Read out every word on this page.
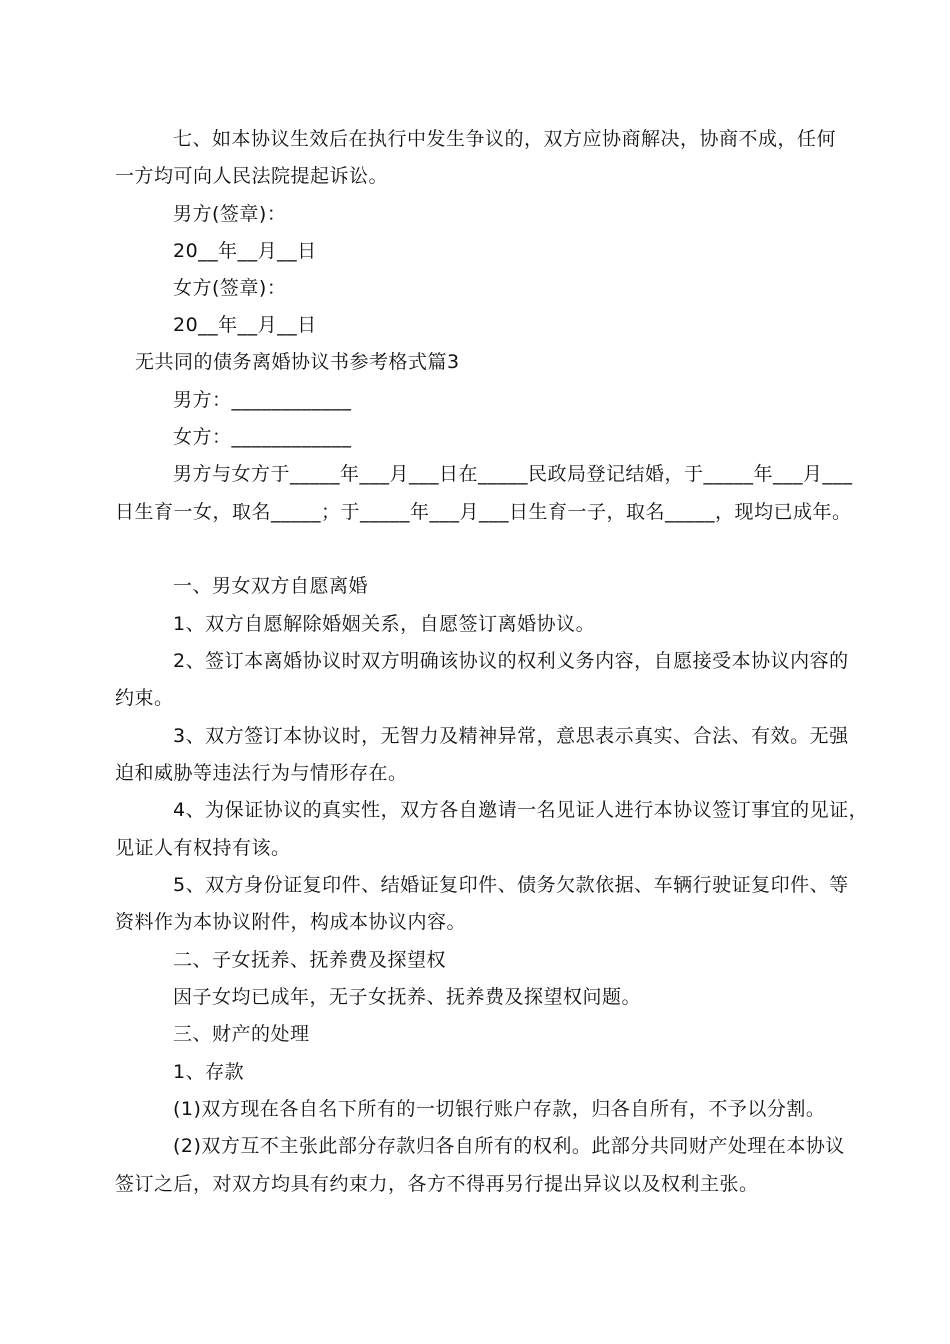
七、如本协议生效后在执行中发生争议的，双方应协商解决，协商不成，任何
一方均可向人民法院提起诉讼。
男方(签章)：
20__年__月__日
女方(签章)：
20__年__月__日
无共同的债务离婚协议书参考格式篇3
男方：____________
女方：____________
男方与女方于_____年___月___日在_____民政局登记结婚，于_____年___月___
日生育一女，取名_____；于_____年___月___日生育一子，取名_____，现均已成年。
一、男女双方自愿离婚
1、双方自愿解除婚姻关系，自愿签订离婚协议。
2、签订本离婚协议时双方明确该协议的权利义务内容，自愿接受本协议内容的
约束。
3、双方签订本协议时，无智力及精神异常，意思表示真实、合法、有效。无强
迫和威胁等违法行为与情形存在。
4、为保证协议的真实性，双方各自邀请一名见证人进行本协议签订事宜的见证，
见证人有权持有该。
5、双方身份证复印件、结婚证复印件、债务欠款依据、车辆行驶证复印件、等
资料作为本协议附件，构成本协议内容。
二、子女抚养、抚养费及探望权
因子女均已成年，无子女抚养、抚养费及探望权问题。
三、财产的处理
1、存款
(1)双方现在各自名下所有的一切银行账户存款，归各自所有，不予以分割。
(2)双方互不主张此部分存款归各自所有的权利。此部分共同财产处理在本协议
签订之后，对双方均具有约束力，各方不得再另行提出异议以及权利主张。
